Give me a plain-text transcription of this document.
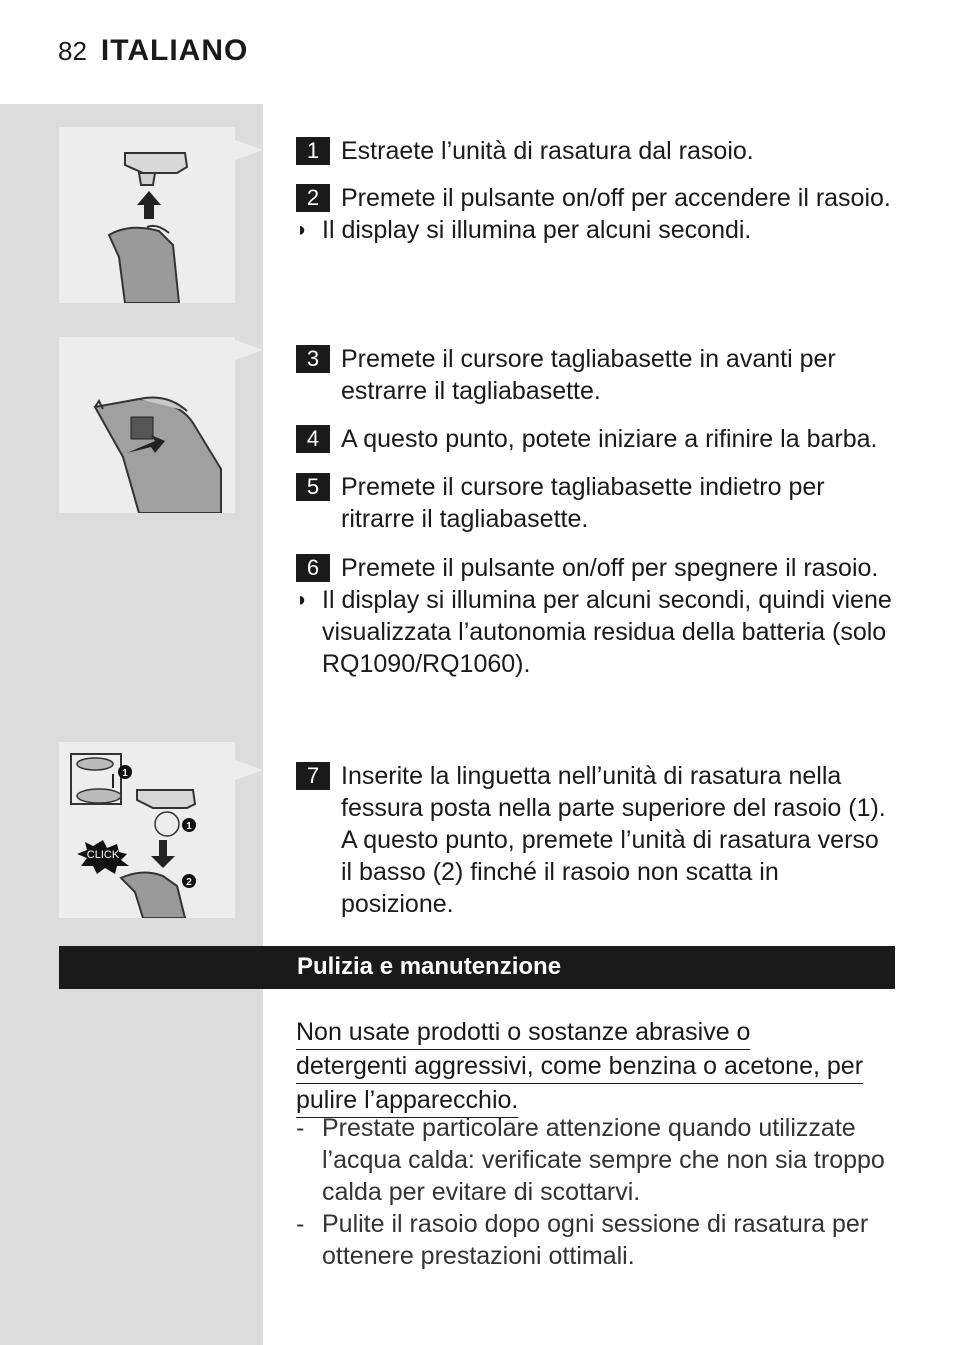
82 ITALIANO
1
1
CLICK
2
1 Estraete l’unità di rasatura dal rasoio.
2 Premete il pulsante on/off per accendere il rasoio.
◗ Il display si illumina per alcuni secondi.
3 Premete il cursore tagliabasette in avanti per estrarre il tagliabasette.
4 A questo punto, potete iniziare a rifinire la barba.
5 Premete il cursore tagliabasette indietro per ritrarre il tagliabasette.
6 Premete il pulsante on/off per spegnere il rasoio.
◗ Il display si illumina per alcuni secondi, quindi viene visualizzata l’autonomia residua della batteria (solo RQ1090/RQ1060).
7 Inserite la linguetta nell’unità di rasatura nella fessura posta nella parte superiore del rasoio (1). A questo punto, premete l’unità di rasatura verso il basso (2) finché il rasoio non scatta in posizione.
Pulizia e manutenzione
Non usate prodotti o sostanze abrasive o
detergenti aggressivi, come benzina o acetone, per
pulire l’apparecchio.
- Prestate particolare attenzione quando utilizzate l’acqua calda: verificate sempre che non sia troppo calda per evitare di scottarvi.
- Pulite il rasoio dopo ogni sessione di rasatura per ottenere prestazioni ottimali.
